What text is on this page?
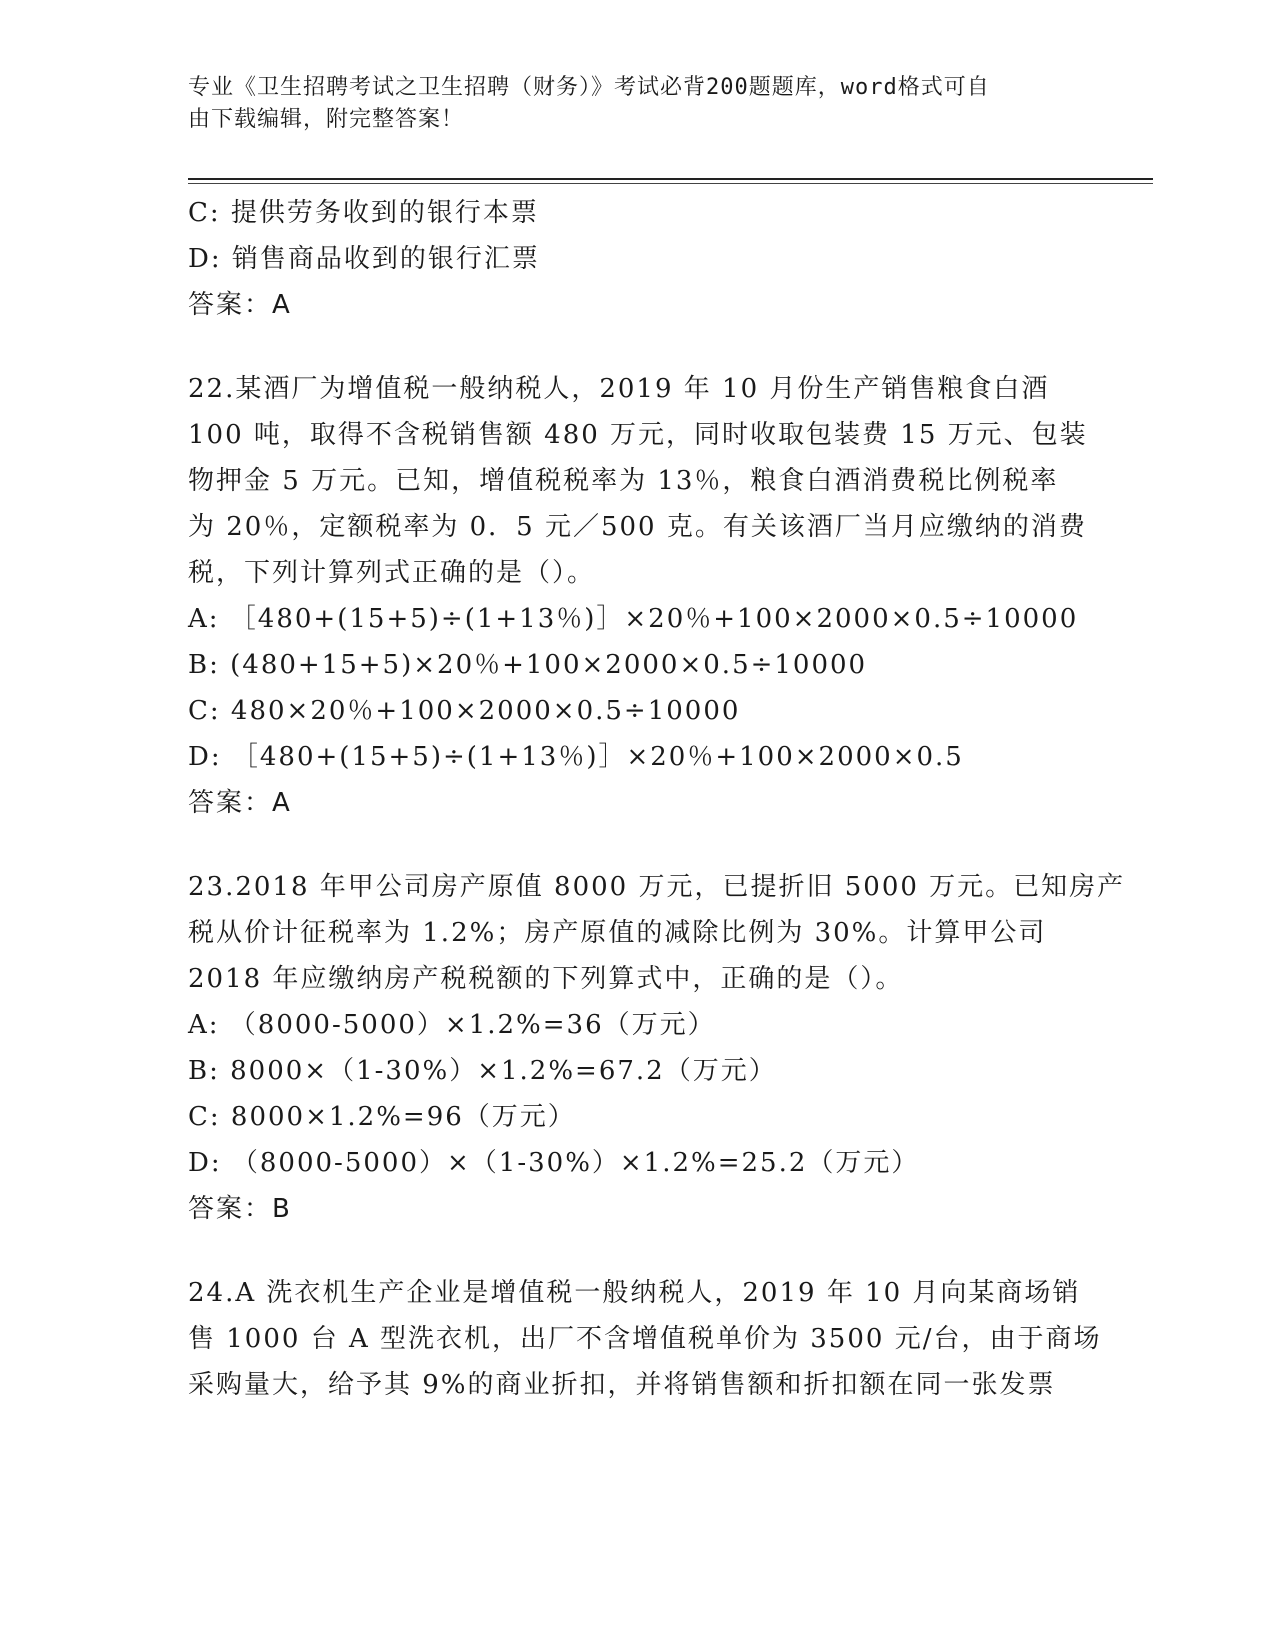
专业《卫生招聘考试之卫生招聘（财务）》考试必背200题题库，word格式可自
由下载编辑，附完整答案！
C: 提供劳务收到的银行本票
D: 销售商品收到的银行汇票
答案：A
22.某酒厂为增值税一般纳税人，2019 年 10 月份生产销售粮食白酒
100 吨，取得不含税销售额 480 万元，同时收取包装费 15 万元、包装
物押金 5 万元。已知，增值税税率为 13％，粮食白酒消费税比例税率
为 20％，定额税率为 0．5 元／500 克。有关该酒厂当月应缴纳的消费
税，下列计算列式正确的是（）。
A: ［480+(15+5)÷(1+13％)］×20％+100×2000×0.5÷10000
B: (480+15+5)×20％+100×2000×0.5÷10000
C: 480×20％+100×2000×0.5÷10000
D: ［480+(15+5)÷(1+13％)］×20％+100×2000×0.5
答案：A
23.2018 年甲公司房产原值 8000 万元，已提折旧 5000 万元。已知房产
税从价计征税率为 1.2%；房产原值的减除比例为 30%。计算甲公司
2018 年应缴纳房产税税额的下列算式中，正确的是（）。
A: （8000-5000）×1.2%=36（万元）
B: 8000×（1-30%）×1.2%=67.2（万元）
C: 8000×1.2%=96（万元）
D: （8000-5000）×（1-30%）×1.2%=25.2（万元）
答案：B
24.A 洗衣机生产企业是增值税一般纳税人，2019 年 10 月向某商场销
售 1000 台 A 型洗衣机，出厂不含增值税单价为 3500 元/台，由于商场
采购量大，给予其 9%的商业折扣，并将销售额和折扣额在同一张发票
